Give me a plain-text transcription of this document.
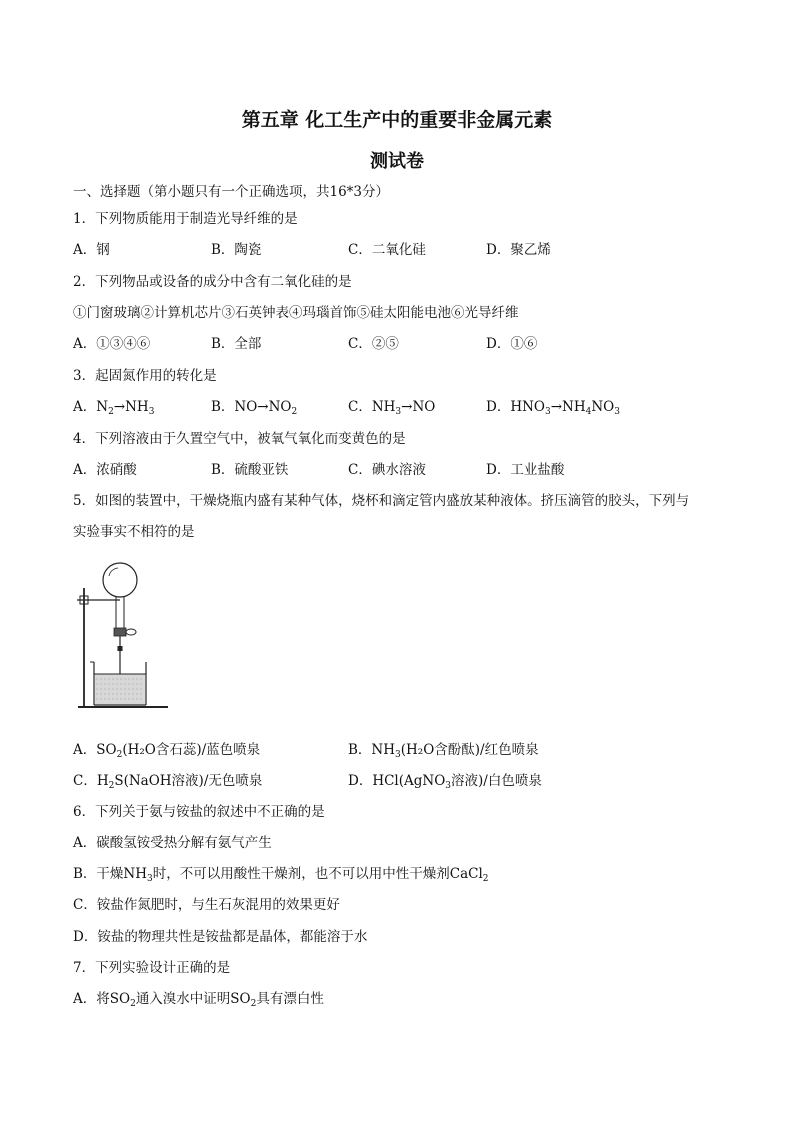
第五章 化工生产中的重要非金属元素
测试卷
一、选择题（第小题只有一个正确选项，共16*3分）
1．下列物质能用于制造光导纤维的是
A．钢	B．陶瓷	C．二氧化硅	D．聚乙烯
2．下列物品或设备的成分中含有二氧化硅的是
①门窗玻璃②计算机芯片③石英钟表④玛瑙首饰⑤硅太阳能电池⑥光导纤维
A．①③④⑥	B．全部	C．②⑤	D．①⑥
3．起固氮作用的转化是
A．$N_2\to NH_3$	B．$NO\to NO_2$	C．$NH_3\to NO$	D．$HNO_3\to NH_4NO_3$
4．下列溶液由于久置空气中，被氧气氧化而变黄色的是
A．浓硝酸	B．硫酸亚铁	C．碘水溶液	D．工业盐酸
5．如图的装置中，干燥烧瓶内盛有某种气体，烧杯和滴定管内盛放某种液体。挤压滴管的胶头，下列与
实验事实不相符的是
A．$SO_2(H_2O$含石蕊)/蓝色喷泉	B．$NH_3(H_2O$含酚酞)/红色喷泉
C．$H_2S(NaOH$溶液)/无色喷泉	D．HCl(AgNO$_3$溶液)/白色喷泉
6．下列关于氨与铵盐的叙述中不正确的是
A．碳酸氢铵受热分解有氨气产生
B．干燥$NH_3$时，不可以用酸性干燥剂，也不可以用中性干燥剂CaCl$_2$
C．铵盐作氮肥时，与生石灰混用的效果更好
D．铵盐的物理共性是铵盐都是晶体，都能溶于水
7．下列实验设计正确的是
A．将$SO_2$通入溴水中证明$SO_2$具有漂白性
